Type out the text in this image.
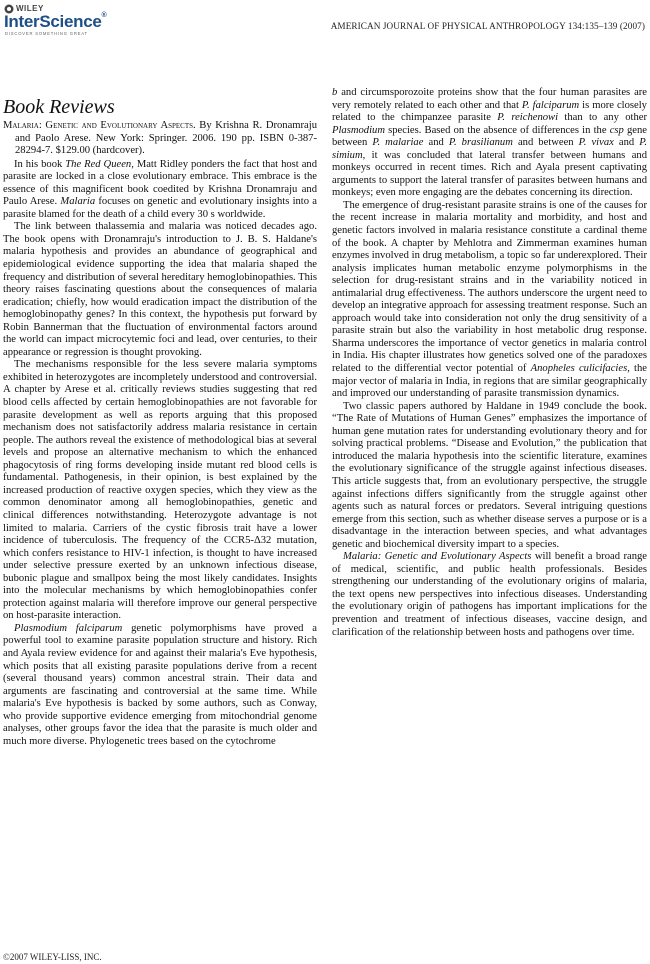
WILEY
InterScience®
DISCOVER SOMETHING GREAT
AMERICAN JOURNAL OF PHYSICAL ANTHROPOLOGY 134:135–139 (2007)
Book Reviews

Malaria: Genetic and Evolutionary Aspects. By Krishna R. Dronamraju and Paolo Arese. New York: Springer. 2006. 190 pp. ISBN 0-387-28294-7. $129.00 (hardcover).

In his book The Red Queen, Matt Ridley ponders the fact that host and parasite are locked in a close evolutionary embrace. This embrace is the essence of this magnificent book coedited by Krishna Dronamraju and Paulo Arese. Malaria focuses on genetic and evolutionary insights into a parasite blamed for the death of a child every 30 s worldwide.

The link between thalassemia and malaria was noticed decades ago. The book opens with Dronamraju's introduction to J. B. S. Haldane's malaria hypothesis and provides an abundance of geographical and epidemiological evidence supporting the idea that malaria shaped the frequency and distribution of several hereditary hemoglobinopathies. This theory raises fascinating questions about the consequences of malaria eradication; chiefly, how would eradication impact the distribution of the hemoglobinopathy genes? In this context, the hypothesis put forward by Robin Bannerman that the fluctuation of environmental factors around the world can impact microcytemic foci and lead, over centuries, to their appearance or regression is thought provoking.

The mechanisms responsible for the less severe malaria symptoms exhibited in heterozygotes are incompletely understood and controversial. A chapter by Arese et al. critically reviews studies suggesting that red blood cells affected by certain hemoglobinopathies are not favorable for parasite development as well as reports arguing that this proposed mechanism does not satisfactorily address malaria resistance in certain people. The authors reveal the existence of methodological bias at several levels and propose an alternative mechanism to which the enhanced phagocytosis of ring forms developing inside mutant red blood cells is fundamental. Pathogenesis, in their opinion, is best explained by the increased production of reactive oxygen species, which they view as the common denominator among all hemoglobinopathies, genetic and clinical differences notwithstanding. Heterozygote advantage is not limited to malaria. Carriers of the cystic fibrosis trait have a lower incidence of tuberculosis. The frequency of the CCR5-Δ32 mutation, which confers resistance to HIV-1 infection, is thought to have increased under selective pressure exerted by an unknown infectious disease, bubonic plague and smallpox being the most likely candidates. Insights into the molecular mechanisms by which hemoglobinopathies confer protection against malaria will therefore improve our general perspective on host-parasite interaction.

Plasmodium falciparum genetic polymorphisms have proved a powerful tool to examine parasite population structure and history. Rich and Ayala review evidence for and against their malaria's Eve hypothesis, which posits that all existing parasite populations derive from a recent (several thousand years) common ancestral strain. Their data and arguments are fascinating and controversial at the same time. While malaria's Eve hypothesis is backed by some authors, such as Conway, who provide supportive evidence emerging from mitochondrial genome analyses, other groups favor the idea that the parasite is much older and much more diverse. Phylogenetic trees based on the cytochrome

b and circumsporozoite proteins show that the four human parasites are very remotely related to each other and that P. falciparum is more closely related to the chimpanzee parasite P. reichenowi than to any other Plasmodium species. Based on the absence of differences in the csp gene between P. malariae and P. brasilianum and between P. vivax and P. simium, it was concluded that lateral transfer between humans and monkeys occurred in recent times. Rich and Ayala present captivating arguments to support the lateral transfer of parasites between humans and monkeys; even more engaging are the debates concerning its direction.

The emergence of drug-resistant parasite strains is one of the causes for the recent increase in malaria mortality and morbidity, and host and genetic factors involved in malaria resistance constitute a cardinal theme of the book. A chapter by Mehlotra and Zimmerman examines human enzymes involved in drug metabolism, a topic so far underexplored. Their analysis implicates human metabolic enzyme polymorphisms in the selection for drug-resistant strains and in the variability noticed in antimalarial drug effectiveness. The authors underscore the urgent need to develop an integrative approach for assessing treatment response. Such an approach would take into consideration not only the drug sensitivity of a parasite strain but also the variability in host metabolic drug response. Sharma underscores the importance of vector genetics in malaria control in India. His chapter illustrates how genetics solved one of the paradoxes related to the differential vector potential of Anopheles culicifacies, the major vector of malaria in India, in regions that are similar geographically and improved our understanding of parasite transmission dynamics.

Two classic papers authored by Haldane in 1949 conclude the book. “The Rate of Mutations of Human Genes” emphasizes the importance of human gene mutation rates for understanding evolutionary theory and for solving practical problems. “Disease and Evolution,” the publication that introduced the malaria hypothesis into the scientific literature, examines the evolutionary significance of the struggle against infectious diseases. This article suggests that, from an evolutionary perspective, the struggle against infections differs significantly from the struggle against other agents such as natural forces or predators. Several intriguing questions emerge from this section, such as whether disease serves a purpose or is a disadvantage in the interaction between species, and what advantages genetic and biochemical diversity impart to a species.

Malaria: Genetic and Evolutionary Aspects will benefit a broad range of medical, scientific, and public health professionals. Besides strengthening our understanding of the evolutionary origins of malaria, the text opens new perspectives into infectious diseases. Understanding the evolutionary origin of pathogens has important implications for the prevention and treatment of infectious diseases, vaccine design, and clarification of the relationship between hosts and pathogens over time.

©2007 WILEY-LISS, INC.
